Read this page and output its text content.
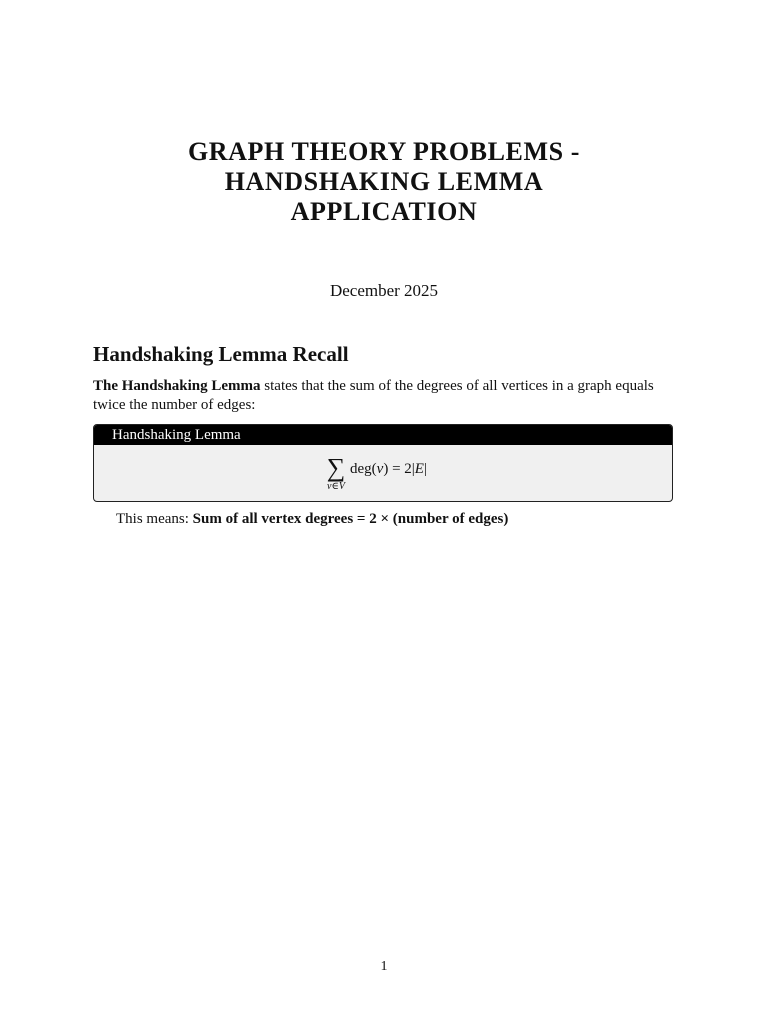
GRAPH THEORY PROBLEMS -
HANDSHAKING LEMMA
APPLICATION
December 2025
Handshaking Lemma Recall

The Handshaking Lemma states that the sum of the degrees of all vertices in a graph equals twice the number of edges:

Handshaking Lemma
∑
v∈V
deg(v) = 2|E|
This means: Sum of all vertex degrees = 2 × (number of edges)
1
